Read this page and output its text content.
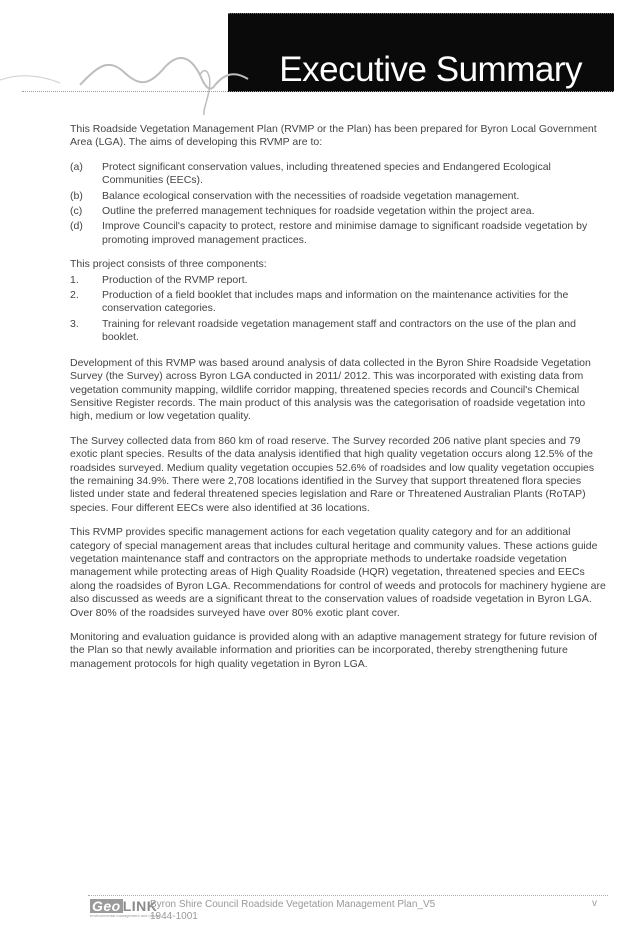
Executive Summary

This Roadside Vegetation Management Plan (RVMP or the Plan) has been prepared for Byron Local Government Area (LGA). The aims of developing this RVMP are to:

(a)	Protect significant conservation values, including threatened species and Endangered Ecological Communities (EECs).
(b)	Balance ecological conservation with the necessities of roadside vegetation management.
(c)	Outline the preferred management techniques for roadside vegetation within the project area.
(d)	Improve Council's capacity to protect, restore and minimise damage to significant roadside vegetation by promoting improved management practices.

This project consists of three components:

1.	Production of the RVMP report.
2.	Production of a field booklet that includes maps and information on the maintenance activities for the conservation categories.
3.	Training for relevant roadside vegetation management staff and contractors on the use of the plan and booklet.

Development of this RVMP was based around analysis of data collected in the Byron Shire Roadside Vegetation Survey (the Survey) across Byron LGA conducted in 2011/ 2012. This was incorporated with existing data from vegetation community mapping, wildlife corridor mapping, threatened species records and Council's Chemical Sensitive Register records. The main product of this analysis was the categorisation of roadside vegetation into high, medium or low vegetation quality.

The Survey collected data from 860 km of road reserve. The Survey recorded 206 native plant species and 79 exotic plant species. Results of the data analysis identified that high quality vegetation occurs along 12.5% of the roadsides surveyed. Medium quality vegetation occupies 52.6% of roadsides and low quality vegetation occupies the remaining 34.9%. There were 2,708 locations identified in the Survey that support threatened flora species listed under state and federal threatened species legislation and Rare or Threatened Australian Plants (RoTAP) species. Four different EECs were also identified at 36 locations.

This RVMP provides specific management actions for each vegetation quality category and for an additional category of special management areas that includes cultural heritage and community values. These actions guide vegetation maintenance staff and contractors on the appropriate methods to undertake roadside vegetation management while protecting areas of High Quality Roadside (HQR) vegetation, threatened species and EECs along the roadsides of Byron LGA. Recommendations for control of weeds and protocols for machinery hygiene are also discussed as weeds are a significant threat to the conservation values of roadside vegetation in Byron LGA. Over 80% of the roadsides surveyed have over 80% exotic plant cover.

Monitoring and evaluation guidance is provided along with an adaptive management strategy for future revision of the Plan so that newly available information and priorities can be incorporated, thereby strengthening future management protocols for high quality vegetation in Byron LGA.

Geo LINK
environmental management and design
Byron Shire Council Roadside Vegetation Management Plan_V5
1944-1001
v
